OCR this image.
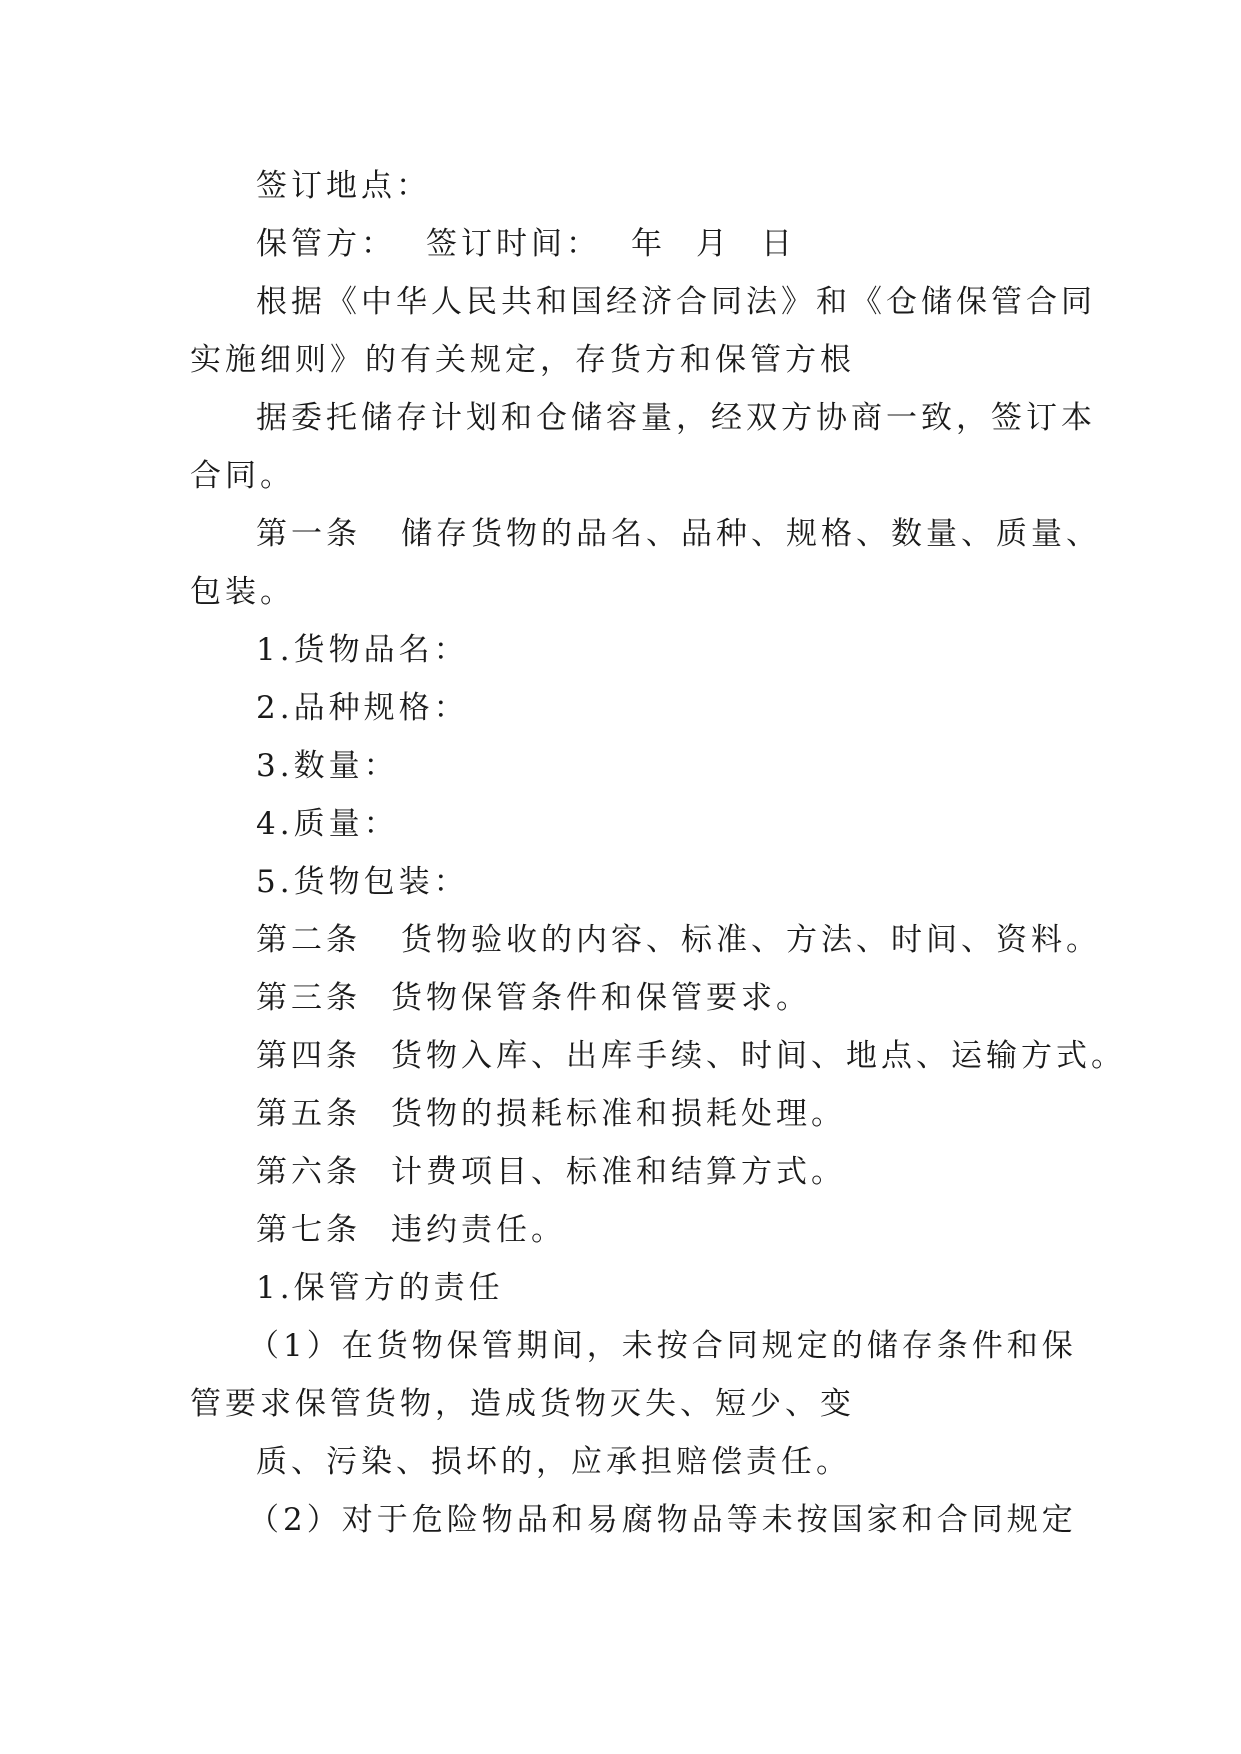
签订地点：
保管方： 签订时间： 年 月 日
根据《中华人民共和国经济合同法》和《仓储保管合同
实施细则》的有关规定，存货方和保管方根
据委托储存计划和仓储容量，经双方协商一致，签订本
合同。
第一条 储存货物的品名、品种、规格、数量、质量、
包装。
1.货物品名：
2.品种规格：
3.数量：
4.质量：
5.货物包装：
第二条 货物验收的内容、标准、方法、时间、资料。
第三条 货物保管条件和保管要求。
第四条 货物入库、出库手续、时间、地点、运输方式。
第五条 货物的损耗标准和损耗处理。
第六条 计费项目、标准和结算方式。
第七条 违约责任。
1.保管方的责任
（1）在货物保管期间，未按合同规定的储存条件和保
管要求保管货物，造成货物灭失、短少、变
质、污染、损坏的，应承担赔偿责任。
（2）对于危险物品和易腐物品等未按国家和合同规定
